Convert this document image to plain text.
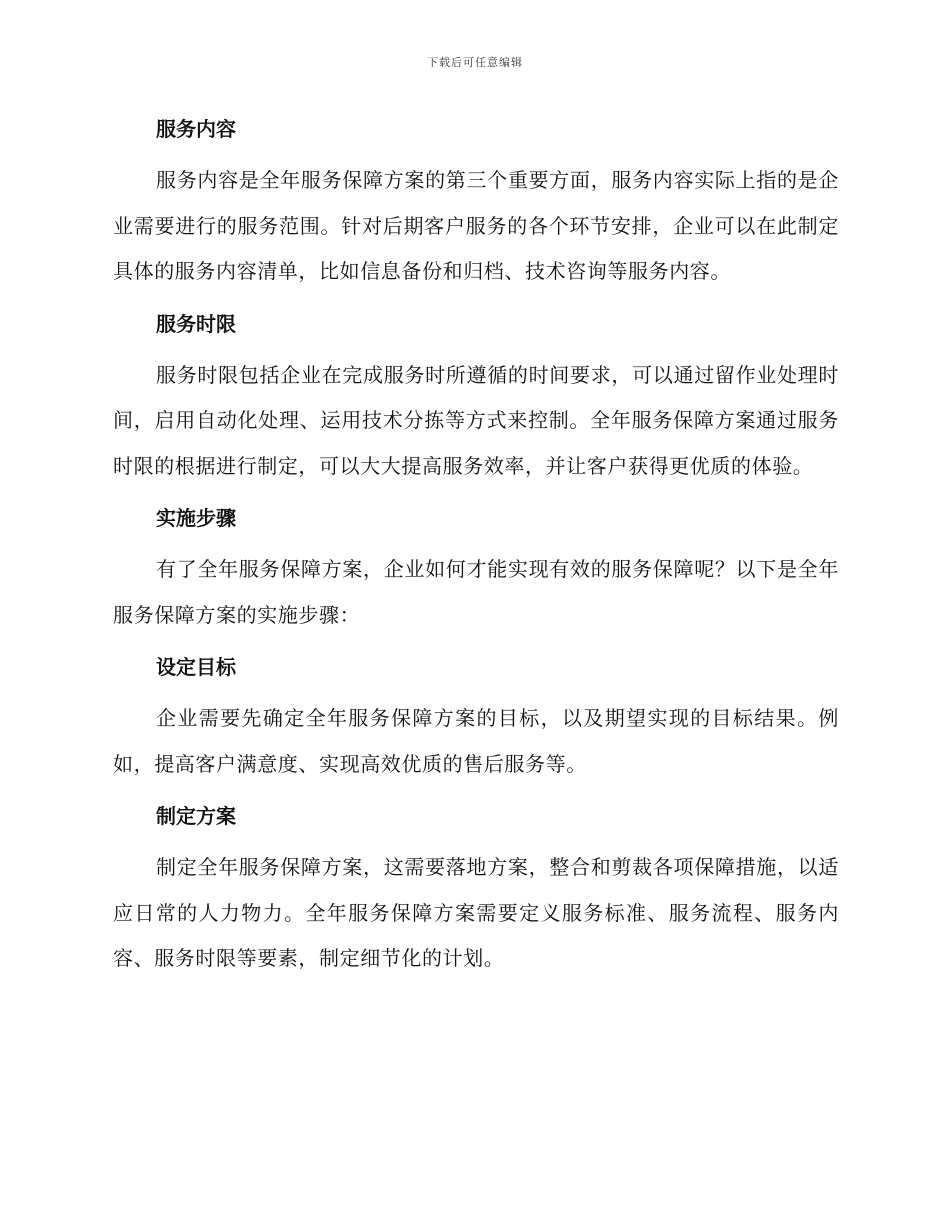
下载后可任意编辑
服务内容

服务内容是全年服务保障方案的第三个重要方面，服务内容实际上指的是企业需要进行的服务范围。针对后期客户服务的各个环节安排，企业可以在此制定具体的服务内容清单，比如信息备份和归档、技术咨询等服务内容。

服务时限

服务时限包括企业在完成服务时所遵循的时间要求，可以通过留作业处理时间，启用自动化处理、运用技术分拣等方式来控制。全年服务保障方案通过服务时限的根据进行制定，可以大大提高服务效率，并让客户获得更优质的体验。

实施步骤

有了全年服务保障方案，企业如何才能实现有效的服务保障呢？以下是全年服务保障方案的实施步骤：

设定目标

企业需要先确定全年服务保障方案的目标，以及期望实现的目标结果。例如，提高客户满意度、实现高效优质的售后服务等。

制定方案

制定全年服务保障方案，这需要落地方案，整合和剪裁各项保障措施，以适应日常的人力物力。全年服务保障方案需要定义服务标准、服务流程、服务内容、服务时限等要素，制定细节化的计划。
